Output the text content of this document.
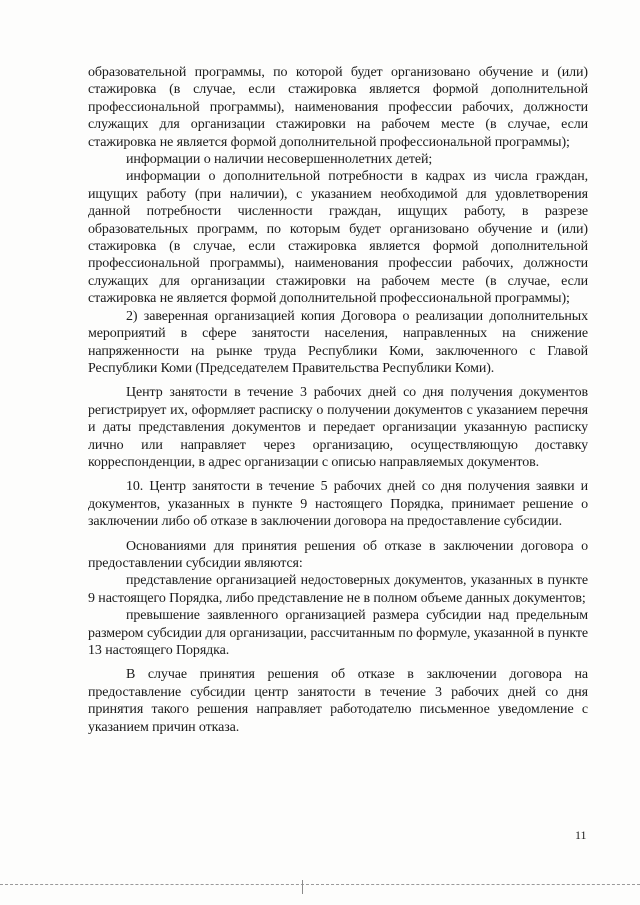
образовательной программы, по которой будет организовано обучение и (или) стажировка (в случае, если стажировка является формой дополнительной профессиональной программы), наименования профессии рабочих, должности служащих для организации стажировки на рабочем месте (в случае, если стажировка не является формой дополнительной профессиональной программы);

информации о наличии несовершеннолетних детей;

информации о дополнительной потребности в кадрах из числа граждан, ищущих работу (при наличии), с указанием необходимой для удовлетворения данной потребности численности граждан, ищущих работу, в разрезе образовательных программ, по которым будет организовано обучение и (или) стажировка (в случае, если стажировка является формой дополнительной профессиональной программы), наименования профессии рабочих, должности служащих для организации стажировки на рабочем месте (в случае, если стажировка не является формой дополнительной профессиональной программы);

2) заверенная организацией копия Договора о реализации дополнительных мероприятий в сфере занятости населения, направленных на снижение напряженности на рынке труда Республики Коми, заключенного с Главой Республики Коми (Председателем Правительства Республики Коми).

Центр занятости в течение 3 рабочих дней со дня получения документов регистрирует их, оформляет расписку о получении документов с указанием перечня и даты представления документов и передает организации указанную расписку лично или направляет через организацию, осуществляющую доставку корреспонденции, в адрес организации с описью направляемых документов.

10. Центр занятости в течение 5 рабочих дней со дня получения заявки и документов, указанных в пункте 9 настоящего Порядка, принимает решение о заключении либо об отказе в заключении договора на предоставление субсидии.

Основаниями для принятия решения об отказе в заключении договора о предоставлении субсидии являются:

представление организацией недостоверных документов, указанных в пункте 9 настоящего Порядка, либо представление не в полном объеме данных документов;

превышение заявленного организацией размера субсидии над предельным размером субсидии для организации, рассчитанным по формуле, указанной в пункте 13 настоящего Порядка.

В случае принятия решения об отказе в заключении договора на предоставление субсидии центр занятости в течение 3 рабочих дней со дня принятия такого решения направляет работодателю письменное уведомление с указанием причин отказа.

11
